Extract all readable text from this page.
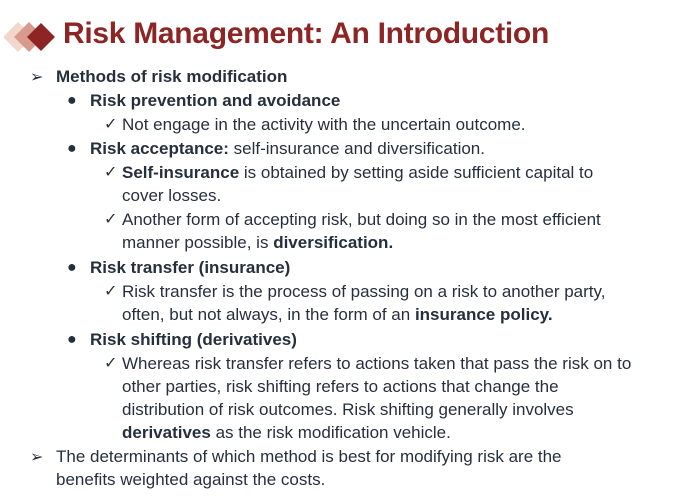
Risk Management: An Introduction
➢ Methods of risk modification
● Risk prevention and avoidance
✓ Not engage in the activity with the uncertain outcome.
● Risk acceptance: self-insurance and diversification.
✓ Self-insurance is obtained by setting aside sufficient capital to
cover losses.
✓ Another form of accepting risk, but doing so in the most efficient
manner possible, is diversification.
● Risk transfer (insurance)
✓ Risk transfer is the process of passing on a risk to another party,
often, but not always, in the form of an insurance policy.
● Risk shifting (derivatives)
✓ Whereas risk transfer refers to actions taken that pass the risk on to
other parties, risk shifting refers to actions that change the
distribution of risk outcomes. Risk shifting generally involves
derivatives as the risk modification vehicle.
➢ The determinants of which method is best for modifying risk are the
benefits weighted against the costs.
